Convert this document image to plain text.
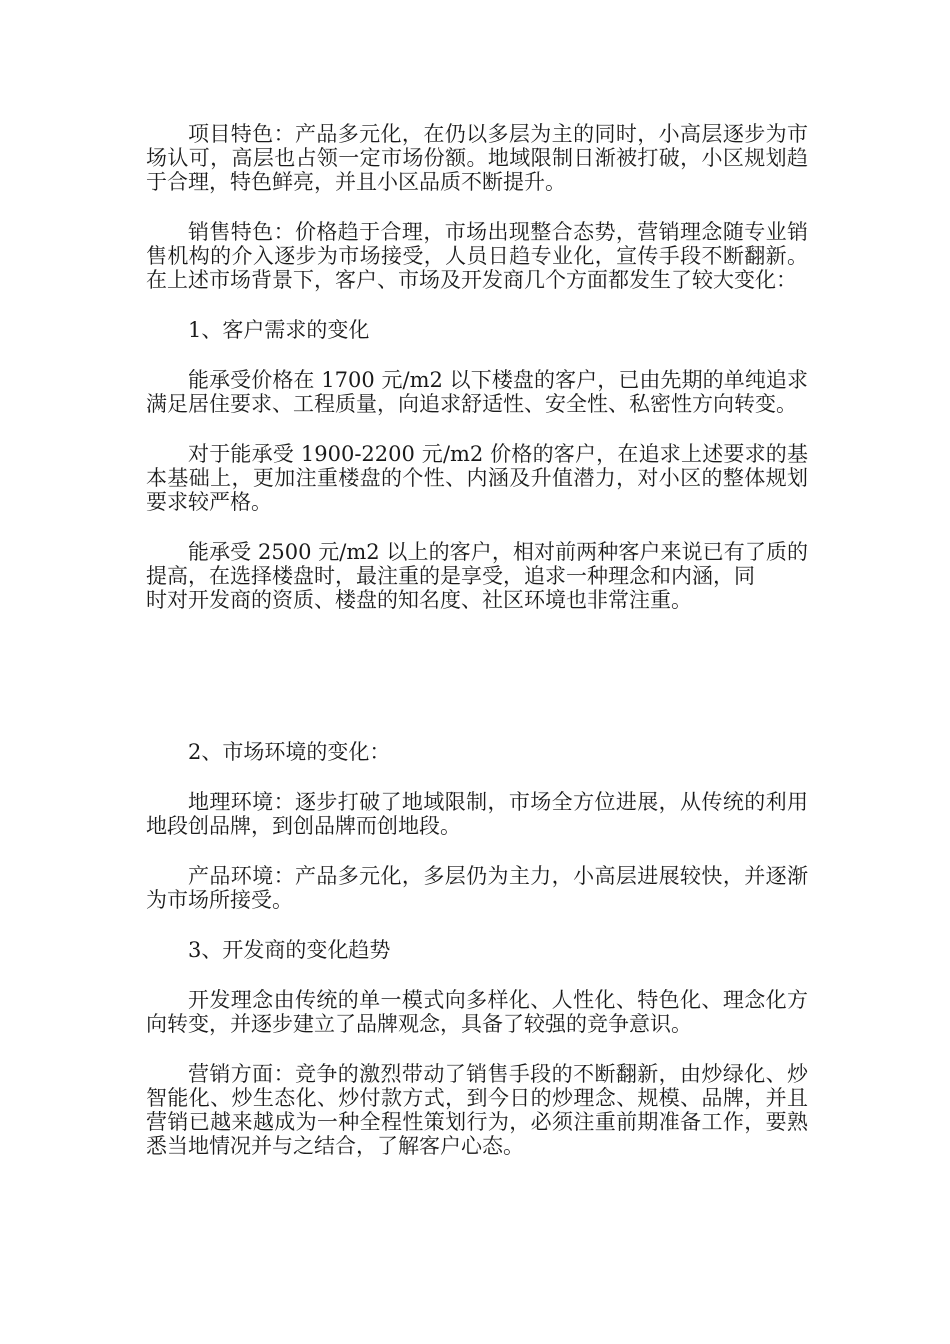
项目特色：产品多元化，在仍以多层为主的同时，小高层逐步为市场认可，高层也占领一定市场份额。地域限制日渐被打破，小区规划趋于合理，特色鲜亮，并且小区品质不断提升。

销售特色：价格趋于合理，市场出现整合态势，营销理念随专业销售机构的介入逐步为市场接受，人员日趋专业化，宣传手段不断翻新。在上述市场背景下，客户、市场及开发商几个方面都发生了较大变化：

1、客户需求的变化

能承受价格在 1700 元/m2 以下楼盘的客户，已由先期的单纯追求满足居住要求、工程质量，向追求舒适性、安全性、私密性方向转变。

对于能承受 1900-2200 元/m2 价格的客户，在追求上述要求的基本基础上，更加注重楼盘的个性、内涵及升值潜力，对小区的整体规划要求较严格。

能承受 2500 元/m2 以上的客户，相对前两种客户来说已有了质的提高，在选择楼盘时，最注重的是享受，追求一种理念和内涵，同

时对开发商的资质、楼盘的知名度、社区环境也非常注重。

2、市场环境的变化：

地理环境：逐步打破了地域限制，市场全方位进展，从传统的利用地段创品牌，到创品牌而创地段。

产品环境：产品多元化，多层仍为主力，小高层进展较快，并逐渐为市场所接受。

3、开发商的变化趋势

开发理念由传统的单一模式向多样化、人性化、特色化、理念化方向转变，并逐步建立了品牌观念，具备了较强的竞争意识。

营销方面：竞争的激烈带动了销售手段的不断翻新，由炒绿化、炒智能化、炒生态化、炒付款方式，到今日的炒理念、规模、品牌，并且营销已越来越成为一种全程性策划行为，必须注重前期准备工作，要熟悉当地情况并与之结合，了解客户心态。
